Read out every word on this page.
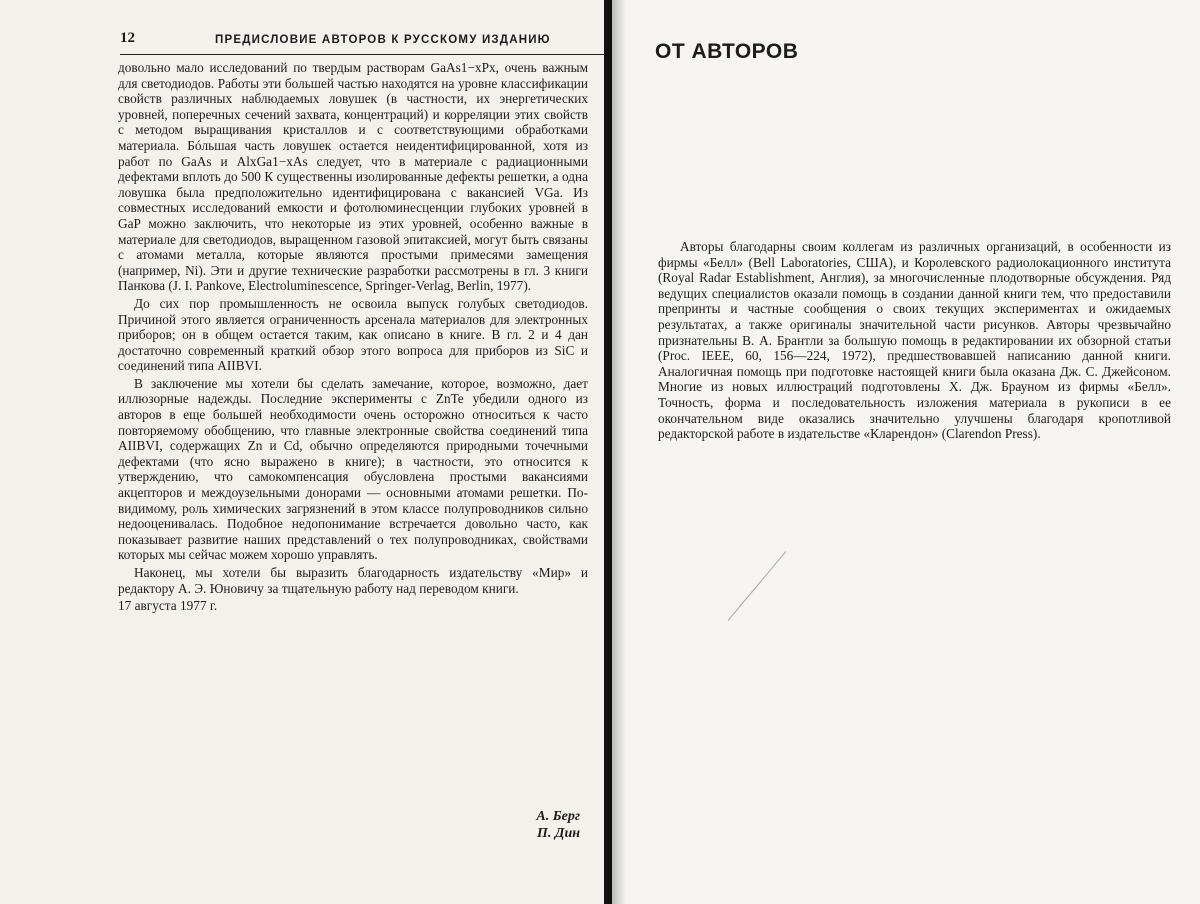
12	ПРЕДИСЛОВИЕ АВТОРОВ К РУССКОМУ ИЗДАНИЮ

довольно мало исследований по твердым растворам GaAs1−xPx, очень важным для светодиодов. Работы эти большей частью находятся на уровне классификации свойств различных наблюдаемых ловушек (в частности, их энергетических уровней, поперечных сечений захвата, концентраций) и корреляции этих свойств с методом выращивания кристаллов и с соответствующими обработками материала. Бóльшая часть ловушек остается неидентифицированной, хотя из работ по GaAs и AlxGa1−xAs следует, что в материале с радиационными дефектами вплоть до 500 К существенны изолированные дефекты решетки, а одна ловушка была предположительно идентифицирована с вакансией VGa. Из совместных исследований емкости и фотолюминесценции глубоких уровней в GaP можно заключить, что некоторые из этих уровней, особенно важные в материале для светодиодов, выращенном газовой эпитаксией, могут быть связаны с атомами металла, которые являются простыми примесями замещения (например, Ni). Эти и другие технические разработки рассмотрены в гл. 3 книги Панкова (J. I. Pankove, Electroluminescence, Springer-Verlag, Berlin, 1977).

До сих пор промышленность не освоила выпуск голубых светодиодов. Причиной этого является ограниченность арсенала материалов для электронных приборов; он в общем остается таким, как описано в книге. В гл. 2 и 4 дан достаточно современный краткий обзор этого вопроса для приборов из SiC и соединений типа AIIBVI.

В заключение мы хотели бы сделать замечание, которое, возможно, дает иллюзорные надежды. Последние эксперименты с ZnTe убедили одного из авторов в еще большей необходимости очень осторожно относиться к часто повторяемому обобщению, что главные электронные свойства соединений типа AIIBVI, содержащих Zn и Cd, обычно определяются природными точечными дефектами (что ясно выражено в книге); в частности, это относится к утверждению, что самокомпенсация обусловлена простыми вакансиями акцепторов и междоузельными донорами — основными атомами решетки. По-видимому, роль химических загрязнений в этом классе полупроводников сильно недооценивалась. Подобное недопонимание встречается довольно часто, как показывает развитие наших представлений о тех полупроводниках, свойствами которых мы сейчас можем хорошо управлять.

Наконец, мы хотели бы выразить благодарность издательству «Мир» и редактору А. Э. Юновичу за тщательную работу над переводом книги.

17 августа 1977 г.

А. Берг
П. Дин
ОТ АВТОРОВ

Авторы благодарны своим коллегам из различных организаций, в особенности из фирмы «Белл» (Bell Laboratories, США), и Королевского радиолокационного института (Royal Radar Establishment, Англия), за многочисленные плодотворные обсуждения. Ряд ведущих специалистов оказали помощь в создании данной книги тем, что предоставили препринты и частные сообщения о своих текущих экспериментах и ожидаемых результатах, а также оригиналы значительной части рисунков. Авторы чрезвычайно признательны В. А. Брантли за большую помощь в редактировании их обзорной статьи (Proc. IEEE, 60, 156—224, 1972), предшествовавшей написанию данной книги. Аналогичная помощь при подготовке настоящей книги была оказана Дж. С. Джейсоном. Многие из новых иллюстраций подготовлены Х. Дж. Брауном из фирмы «Белл». Точность, форма и последовательность изложения материала в рукописи в ее окончательном виде оказались значительно улучшены благодаря кропотливой редакторской работе в издательстве «Кларендон» (Clarendon Press).
